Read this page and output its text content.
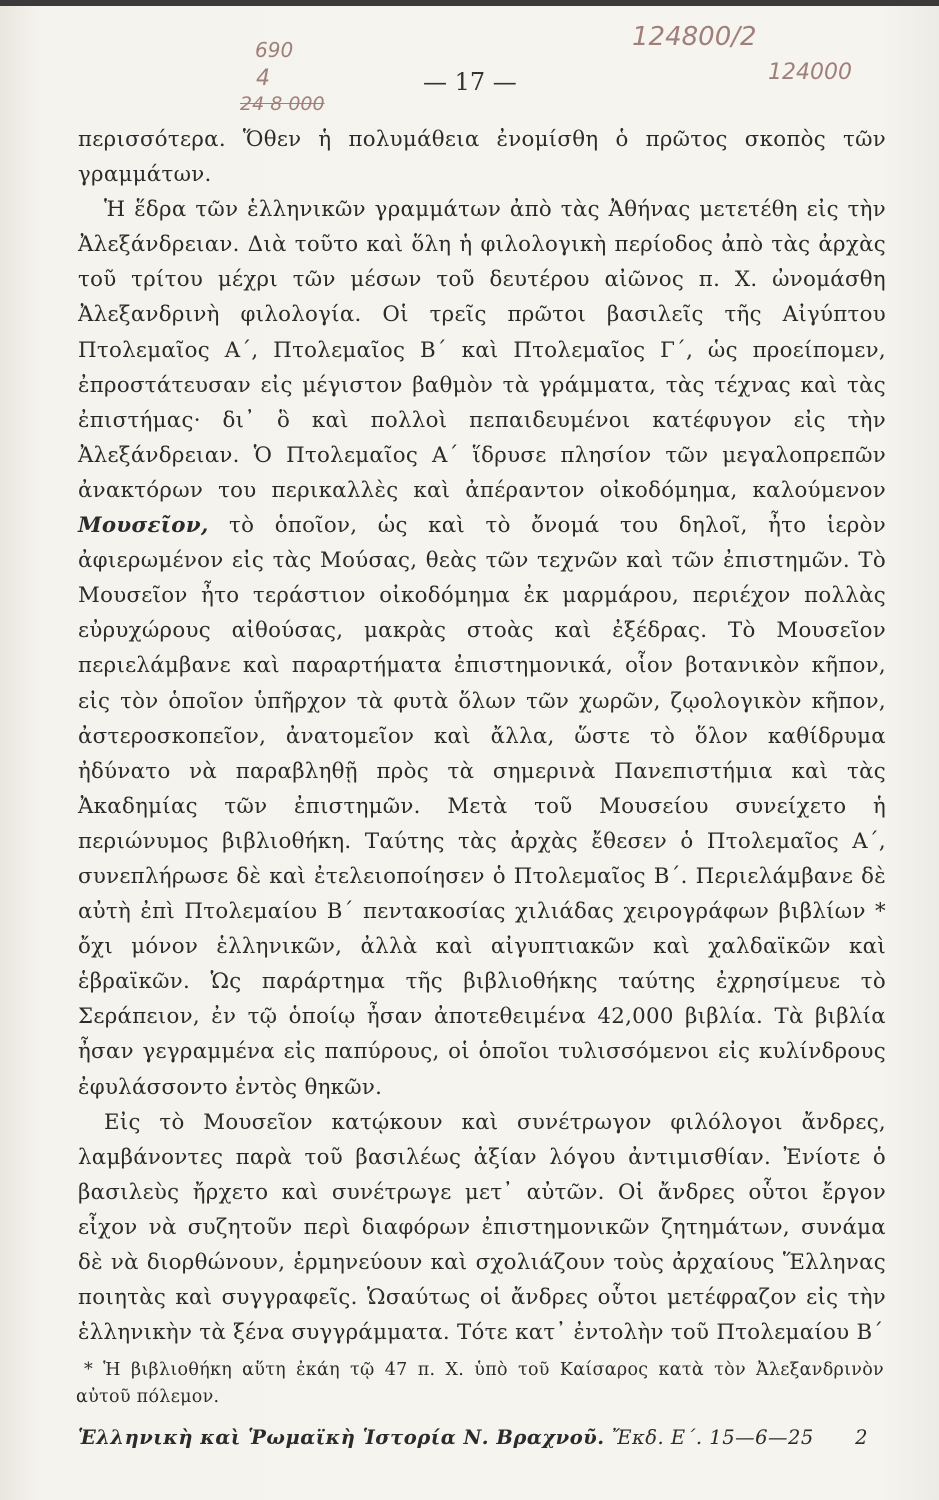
690
4
24 8 000
124800/2
124000
— 17 —

περισσότερα. Ὅθεν ἡ πολυμάθεια ἐνομίσθη ὁ πρῶτος σκοπὸς τῶν γραμμάτων.

Ἡ ἕδρα τῶν ἑλληνικῶν γραμμάτων ἀπὸ τὰς Ἀθήνας μετετέθη εἰς τὴν Ἀλεξάνδρειαν. Διὰ τοῦτο καὶ ὅλη ἡ φιλολογικὴ περίοδος ἀπὸ τὰς ἀρχὰς τοῦ τρίτου μέχρι τῶν μέσων τοῦ δευτέρου αἰῶνος π. Χ. ὠνομάσθη Ἀλεξανδρινὴ φιλολογία. Οἱ τρεῖς πρῶτοι βασιλεῖς τῆς Αἰγύπτου Πτολεμαῖος Α΄, Πτολεμαῖος Β΄ καὶ Πτολεμαῖος Γ΄, ὡς προείπομεν, ἐπροστάτευσαν εἰς μέγιστον βαθμὸν τὰ γράμματα, τὰς τέχνας καὶ τὰς ἐπιστήμας· δι᾽ ὃ καὶ πολλοὶ πεπαιδευμένοι κατέφυγον εἰς τὴν Ἀλεξάνδρειαν. Ὁ Πτολεμαῖος Α΄ ἵδρυσε πλησίον τῶν μεγαλοπρεπῶν ἀνακτόρων του περικαλλὲς καὶ ἀπέραντον οἰκοδόμημα, καλούμενον Μουσεῖον, τὸ ὁποῖον, ὡς καὶ τὸ ὄνομά του δηλοῖ, ἦτο ἱερὸν ἀφιερωμένον εἰς τὰς Μούσας, θεὰς τῶν τεχνῶν καὶ τῶν ἐπιστημῶν. Τὸ Μουσεῖον ἦτο τεράστιον οἰκοδόμημα ἐκ μαρμάρου, περιέχον πολλὰς εὐρυχώρους αἰθούσας, μακρὰς στοὰς καὶ ἐξέδρας. Τὸ Μουσεῖον περιελάμβανε καὶ παραρτήματα ἐπιστημονικά, οἷον βοτανικὸν κῆπον, εἰς τὸν ὁποῖον ὑπῆρχον τὰ φυτὰ ὅλων τῶν χωρῶν, ζῳολογικὸν κῆπον, ἀστεροσκοπεῖον, ἀνατομεῖον καὶ ἄλλα, ὥστε τὸ ὅλον καθίδρυμα ἠδύνατο νὰ παραβληθῇ πρὸς τὰ σημερινὰ Πανεπιστήμια καὶ τὰς Ἀκαδημίας τῶν ἐπιστημῶν. Μετὰ τοῦ Μουσείου συνείχετο ἡ περιώνυμος βιβλιοθήκη. Ταύτης τὰς ἀρχὰς ἔθεσεν ὁ Πτολεμαῖος Α΄, συνεπλήρωσε δὲ καὶ ἐτελειοποίησεν ὁ Πτολεμαῖος Β΄. Περιελάμβανε δὲ αὐτὴ ἐπὶ Πτολεμαίου Β΄ πεντακοσίας χιλιάδας χειρογράφων βιβλίων * ὄχι μόνον ἑλληνικῶν, ἀλλὰ καὶ αἰγυπτιακῶν καὶ χαλδαϊκῶν καὶ ἑβραϊκῶν. Ὡς παράρτημα τῆς βιβλιοθήκης ταύτης ἐχρησίμευε τὸ Σεράπειον, ἐν τῷ ὁποίῳ ἦσαν ἀποτεθειμένα 42,000 βιβλία. Τὰ βιβλία ἦσαν γεγραμμένα εἰς παπύρους, οἱ ὁποῖοι τυλισσόμενοι εἰς κυλίνδρους ἐφυλάσσοντο ἐντὸς θηκῶν.

Εἰς τὸ Μουσεῖον κατῴκουν καὶ συνέτρωγον φιλόλογοι ἄνδρες, λαμβάνοντες παρὰ τοῦ βασιλέως ἀξίαν λόγου ἀντιμισθίαν. Ἐνίοτε ὁ βασιλεὺς ἤρχετο καὶ συνέτρωγε μετ᾽ αὐτῶν. Οἱ ἄνδρες οὗτοι ἔργον εἶχον νὰ συζητοῦν περὶ διαφόρων ἐπιστημονικῶν ζητημάτων, συνάμα δὲ νὰ διορθώνουν, ἑρμηνεύουν καὶ σχολιάζουν τοὺς ἀρχαίους Ἕλληνας ποιητὰς καὶ συγγραφεῖς. Ὡσαύτως οἱ ἄνδρες οὗτοι μετέφραζον εἰς τὴν ἑλληνικὴν τὰ ξένα συγγράμματα. Τότε κατ᾽ ἐντολὴν τοῦ Πτολεμαίου Β΄

* Ἡ βιβλιοθήκη αὕτη ἐκάη τῷ 47 π. Χ. ὑπὸ τοῦ Καίσαρος κατὰ τὸν Ἀλεξανδρινὸν αὐτοῦ πόλεμον.

Ἑλληνικὴ καὶ Ῥωμαϊκὴ Ἱστορία Ν. Βραχνοῦ. Ἔκδ. Ε΄. 15—6—25 2
